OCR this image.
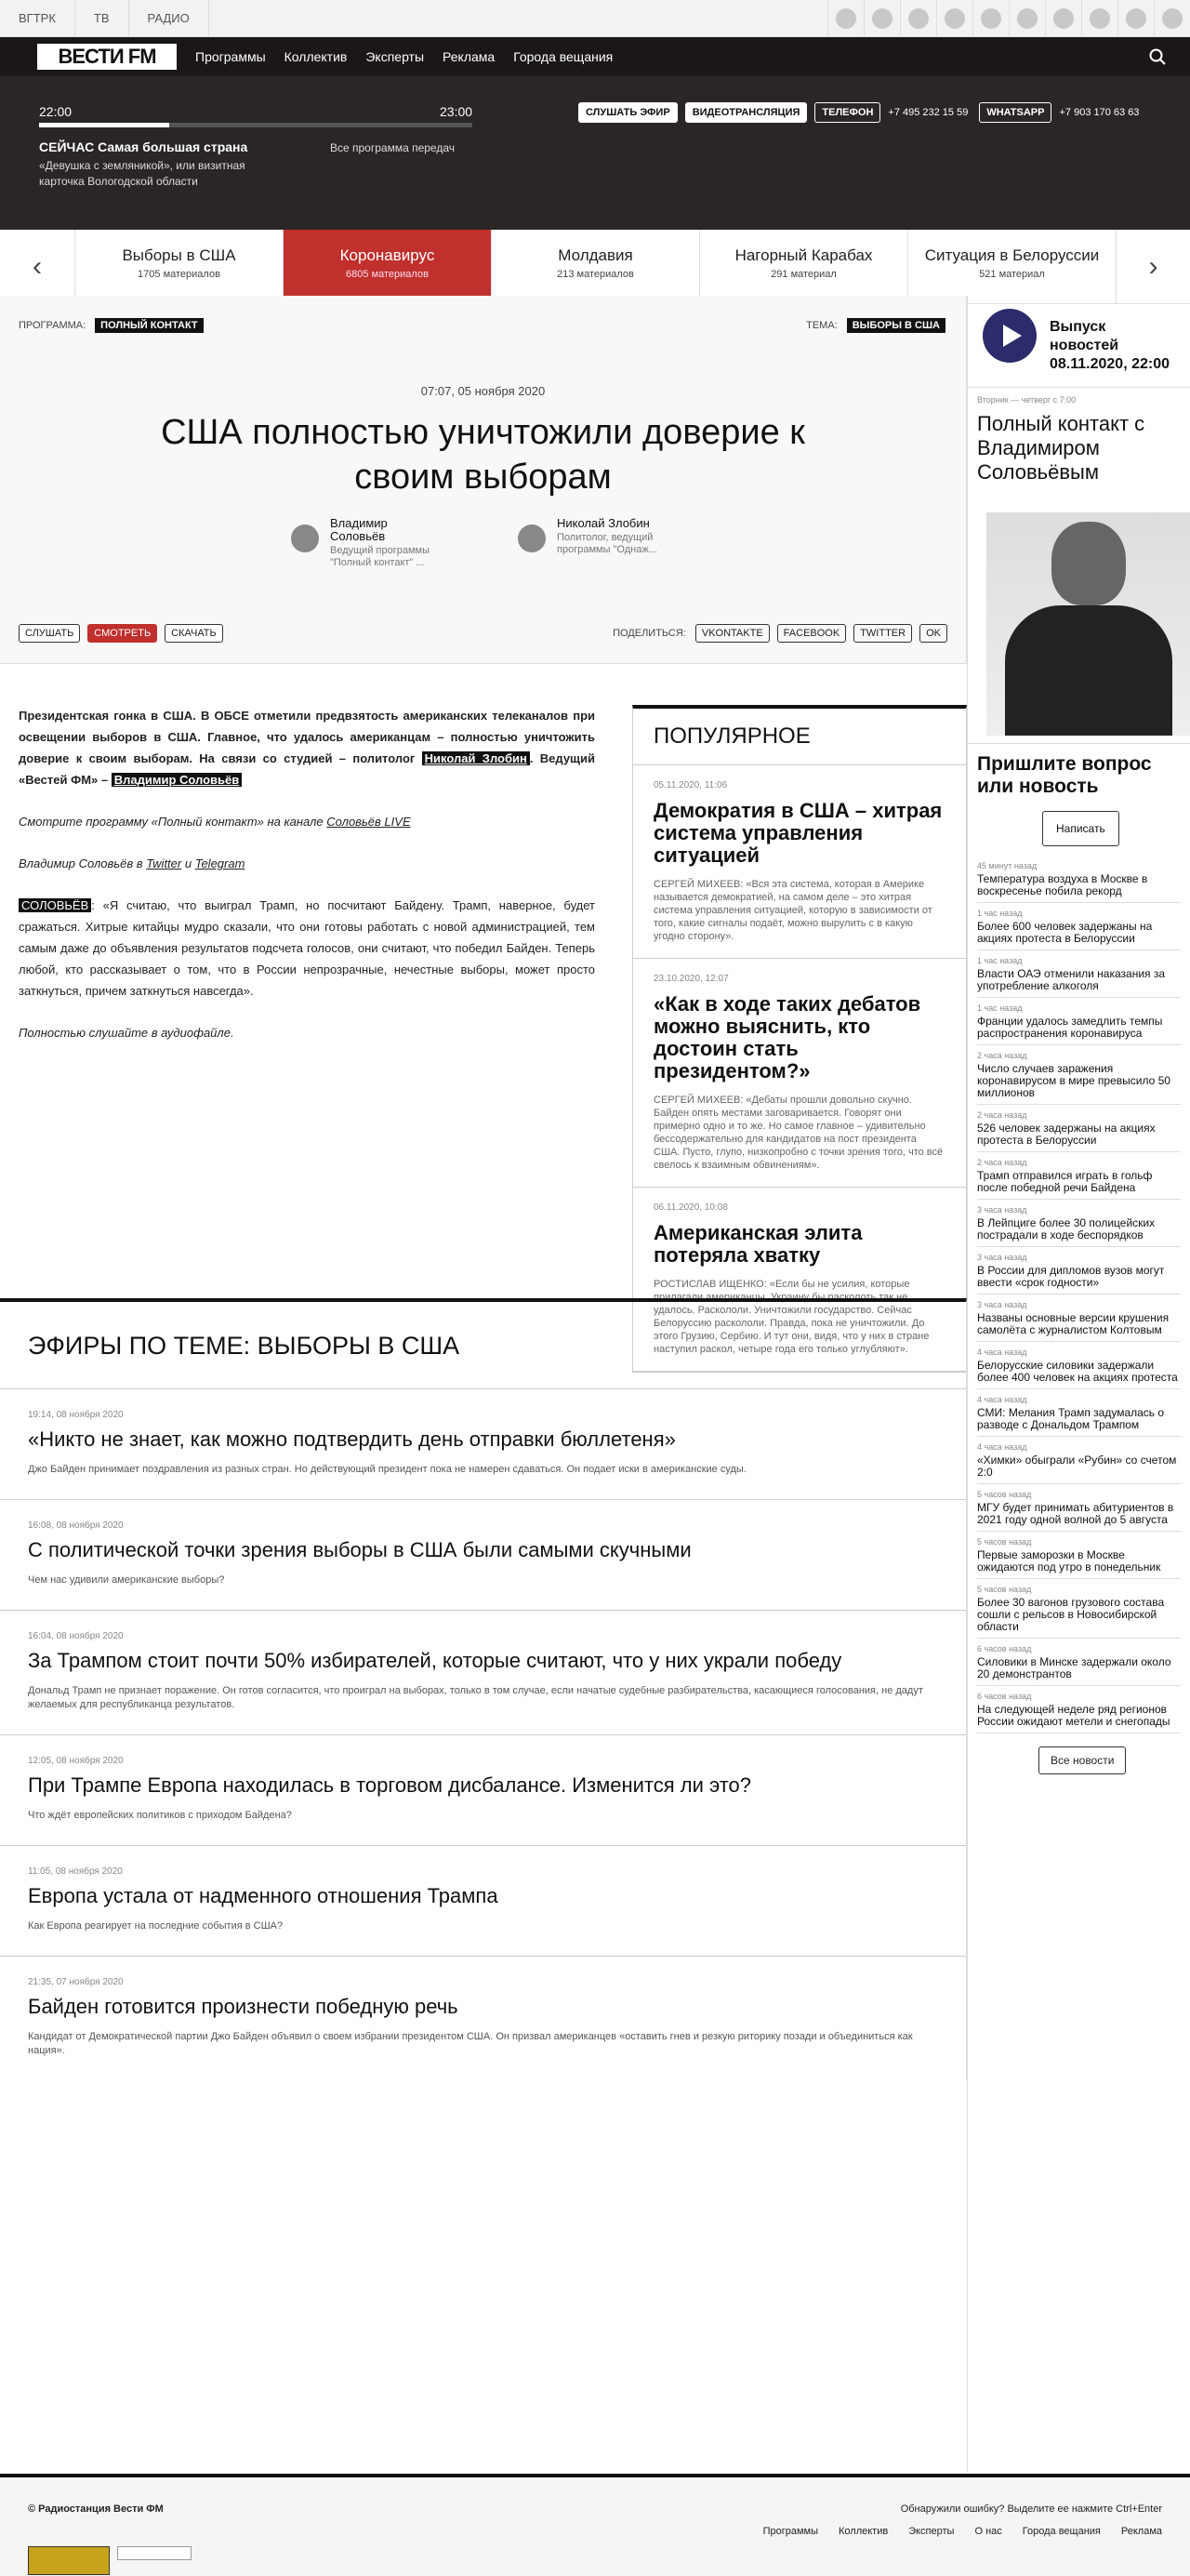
ВГТРК	ТВ	РАДИО
ВЕСТИ FM	Программы Коллектив Эксперты Реклама Города вещания
22:00	23:00
СЕЙЧАС Самая большая страна
«Девушка с земляникой», или визитная карточка Вологодской области
Все программа передач
СЛУШАТЬ ЭФИР	ВИДЕОТРАНСЛЯЦИЯ	ТЕЛЕФОН	+7 495 232 15 59	WHATSAPP	+7 903 170 63 63
‹	Выборы в США
1705 материалов
Коронавирус
6805 материалов
Молдавия
213 материалов
Нагорный Карабах
291 материал
Ситуация в Белоруссии
521 материал	›
ПРОГРАММА:	ПОЛНЫЙ КОНТАКТ	ТЕМА:	ВЫБОРЫ В США
07:07, 05 ноября 2020
США полностью уничтожили доверие к своим выборам
Владимир Соловьёв
Ведущий программы "Полный контакт" ...
Николай Злобин
Политолог, ведущий программы "Однаж...
СЛУШАТЬ	СМОТРЕТЬ	СКАЧАТЬ	ПОДЕЛИТЬСЯ:	VKONTAKTE	FACEBOOK	TWITTER	OK

Президентская гонка в США. В ОБСЕ отметили предвзятость американских телеканалов при освещении выборов в США. Главное, что удалось американцам – полностью уничтожить доверие к своим выборам. На связи со студией – политолог Николай Злобин . Ведущий «Вестей ФМ» – Владимир Соловьёв

Смотрите программу «Полный контакт» на канале Соловьёв LIVE

Владимир Соловьёв в Twitter и Telegram

СОЛОВЬЁВ : «Я считаю, что выиграл Трамп, но посчитают Байдену. Трамп, наверное, будет сражаться. Хитрые китайцы мудро сказали, что они готовы работать с новой администрацией, тем самым даже до объявления результатов подсчета голосов, они считают, что победил Байден. Теперь любой, кто рассказывает о том, что в России непрозрачные, нечестные выборы, может просто заткнуться, причем заткнуться навсегда».

Полностью слушайте в аудиофайле.

ПОПУЛЯРНОЕ
05.11.2020, 11:06
Демократия в США – хитрая система управления ситуацией
СЕРГЕЙ МИХЕЕВ: «Вся эта система, которая в Америке называется демократией, на самом деле – это хитрая система управления ситуацией, которую в зависимости от того, какие сигналы подаёт, можно вырулить с в какую угодно сторону».
23.10.2020, 12:07
«Как в ходе таких дебатов можно выяснить, кто достоин стать президентом?»
СЕРГЕЙ МИХЕЕВ: «Дебаты прошли довольно скучно. Байден опять местами заговаривается. Говорят они примерно одно и то же. Но самое главное – удивительно бессодержательно для кандидатов на пост президента США. Пусто, глупо, низкопробно с точки зрения того, что всё свелось к взаимным обвинениям».
06.11.2020, 10:08
Американская элита потеряла хватку
РОСТИСЛАВ ИЩЕНКО: «Если бы не усилия, которые прилагали американцы, Украину бы расколоть так не удалось. Раскололи. Уничтожили государство. Сейчас Белоруссию раскололи. Правда, пока не уничтожили. До этого Грузию, Сербию. И тут они, видя, что у них в стране наступил раскол, четыре года его только углубляют».
ЭФИРЫ ПО ТЕМЕ: ВЫБОРЫ В США
19:14, 08 ноября 2020
«Никто не знает, как можно подтвердить день отправки бюллетеня»
Джо Байден принимает поздравления из разных стран. Но действующий президент пока не намерен сдаваться. Он подает иски в американские суды.
16:08, 08 ноября 2020
С политической точки зрения выборы в США были самыми скучными
Чем нас удивили американские выборы?
16:04, 08 ноября 2020
За Трампом стоит почти 50% избирателей, которые считают, что у них украли победу
Дональд Трамп не признает поражение. Он готов согласится, что проиграл на выборах, только в том случае, если начатые судебные разбирательства, касающиеся голосования, не дадут желаемых для республиканца результатов.
12:05, 08 ноября 2020
При Трампе Европа находилась в торговом дисбалансе. Изменится ли это?
Что ждёт европейских политиков с приходом Байдена?
11:05, 08 ноября 2020
Европа устала от надменного отношения Трампа
Как Европа реагирует на последние события в США?
21:35, 07 ноября 2020
Байден готовится произнести победную речь
Кандидат от Демократической партии Джо Байден объявил о своем избрании президентом США. Он призвал американцев «оставить гнев и резкую риторику позади и объединиться как нация».
Выпуск новостей 08.11.2020, 22:00
Вторник — четверг с 7:00
Полный контакт с Владимиром Соловьёвым
Пришлите вопрос или новость
Написать
45 минут назад
Температура воздуха в Москве в воскресенье побила рекорд
1 час назад
Более 600 человек задержаны на акциях протеста в Белоруссии
1 час назад
Власти ОАЭ отменили наказания за употребление алкоголя
1 час назад
Франции удалось замедлить темпы распространения коронавируса
2 часа назад
Число случаев заражения коронавирусом в мире превысило 50 миллионов
2 часа назад
526 человек задержаны на акциях протеста в Белоруссии
2 часа назад
Трамп отправился играть в гольф после победной речи Байдена
3 часа назад
В Лейпциге более 30 полицейских пострадали в ходе беспорядков
3 часа назад
В России для дипломов вузов могут ввести «срок годности»
3 часа назад
Названы основные версии крушения самолёта с журналистом Колтовым
4 часа назад
Белорусские силовики задержали более 400 человек на акциях протеста
4 часа назад
СМИ: Мелания Трамп задумалась о разводе с Дональдом Трампом
4 часа назад
«Химки» обыграли «Рубин» со счетом 2:0
5 часов назад
МГУ будет принимать абитуриентов в 2021 году одной волной до 5 августа
5 часов назад
Первые заморозки в Москве ожидаются под утро в понедельник
5 часов назад
Более 30 вагонов грузового состава сошли с рельсов в Новосибирской области
6 часов назад
Силовики в Минске задержали около 20 демонстрантов
6 часов назад
На следующей неделе ряд регионов России ожидают метели и снегопады
Все новости
© Радиостанция Вести ФМ	Обнаружили ошибку? Выделите ее нажмите Ctrl+Enter
Программы Коллектив Эксперты О нас Города вещания Реклама
